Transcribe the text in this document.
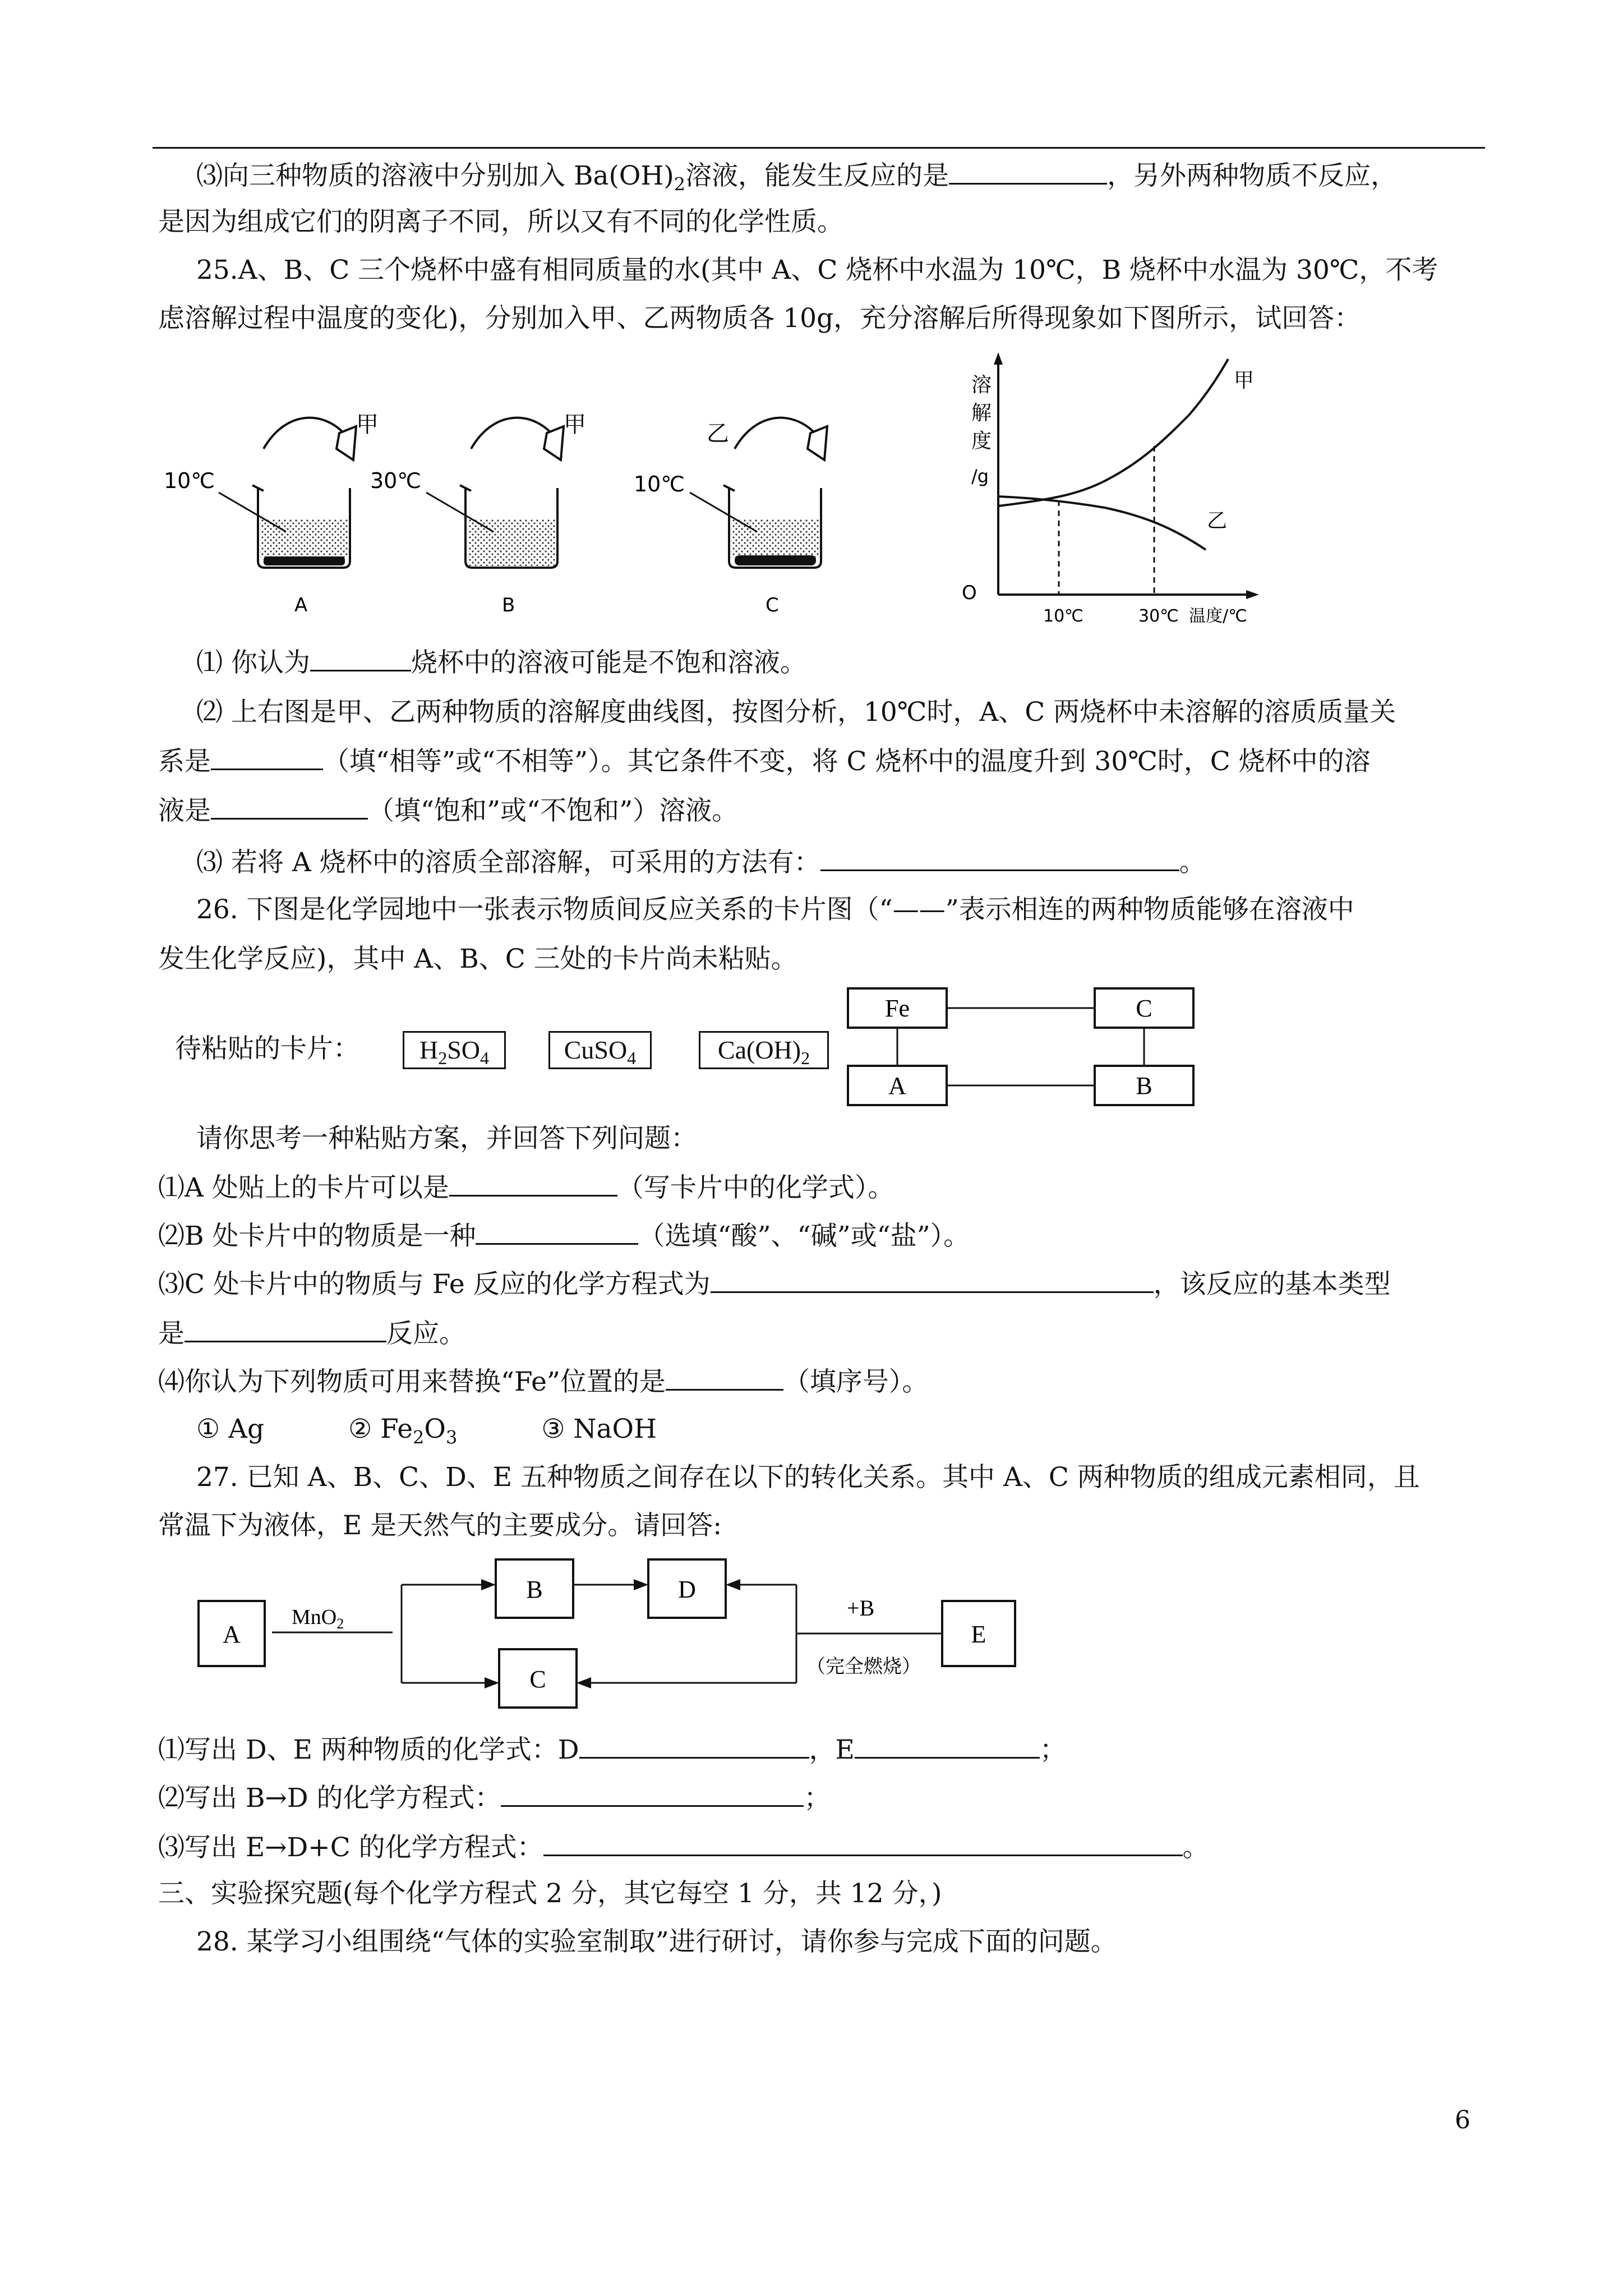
⑶向三种物质的溶液中分别加入 $Ba(OH)_2$溶液，能发生反应的是	，另外两种物质不反应，
是因为组成它们的阴离子不同，所以又有不同的化学性质。
25.A、B、C 三个烧杯中盛有相同质量的水(其中 A、C 烧杯中水温为 10℃，B 烧杯中水温为 30℃，不考
虑溶解过程中温度的变化)，分别加入甲、乙两物质各 10g，充分溶解后所得现象如下图所示，试回答：
10℃
甲
A
30℃
甲
B
乙
10℃
C
溶
解
度
/g
O
10℃	30℃ 温度/℃
甲
乙
⑴ 你认为	烧杯中的溶液可能是不饱和溶液。
⑵ 上右图是甲、乙两种物质的溶解度曲线图，按图分析，10℃时，A、C 两烧杯中未溶解的溶质质量关
系是	（填“相等”或“不相等”）。其它条件不变，将 C 烧杯中的温度升到 30℃时，C 烧杯中的溶
液是	（填“饱和”或“不饱和”）溶液。
⑶ 若将 A 烧杯中的溶质全部溶解，可采用的方法有：	。
26. 下图是化学园地中一张表示物质间反应关系的卡片图（“——”表示相连的两种物质能够在溶液中
发生化学反应)，其中 A、B、C 三处的卡片尚未粘贴。
待粘贴的卡片：	$H_2SO_4$	CuSO$_4$	$Ca(OH)_2$
Fe	C
A	B
请你思考一种粘贴方案，并回答下列问题：
⑴A 处贴上的卡片可以是	（写卡片中的化学式）。
⑵B 处卡片中的物质是一种	（选填“酸”、“碱”或“盐”）。
⑶C 处卡片中的物质与 Fe 反应的化学方程式为	，该反应的基本类型
是	反应。
⑷你认为下列物质可用来替换“Fe”位置的是	（填序号）。
① Ag	② $Fe_2O_3$	③ NaOH
27. 已知 A、B、C、D、E 五种物质之间存在以下的转化关系。其中 A、C 两种物质的组成元素相同，且
常温下为液体，E 是天然气的主要成分。请回答:
A
B	D
C
E
MnO$_2$
+B
（完全燃烧）
⑴写出 D、E 两种物质的化学式：D	，E	；
⑵写出 B→D 的化学方程式：	；
⑶写出 E→D+C 的化学方程式：	。
三、实验探究题(每个化学方程式 2 分，其它每空 1 分，共 12 分，)
28. 某学习小组围绕“气体的实验室制取”进行研讨，请你参与完成下面的问题。
6
